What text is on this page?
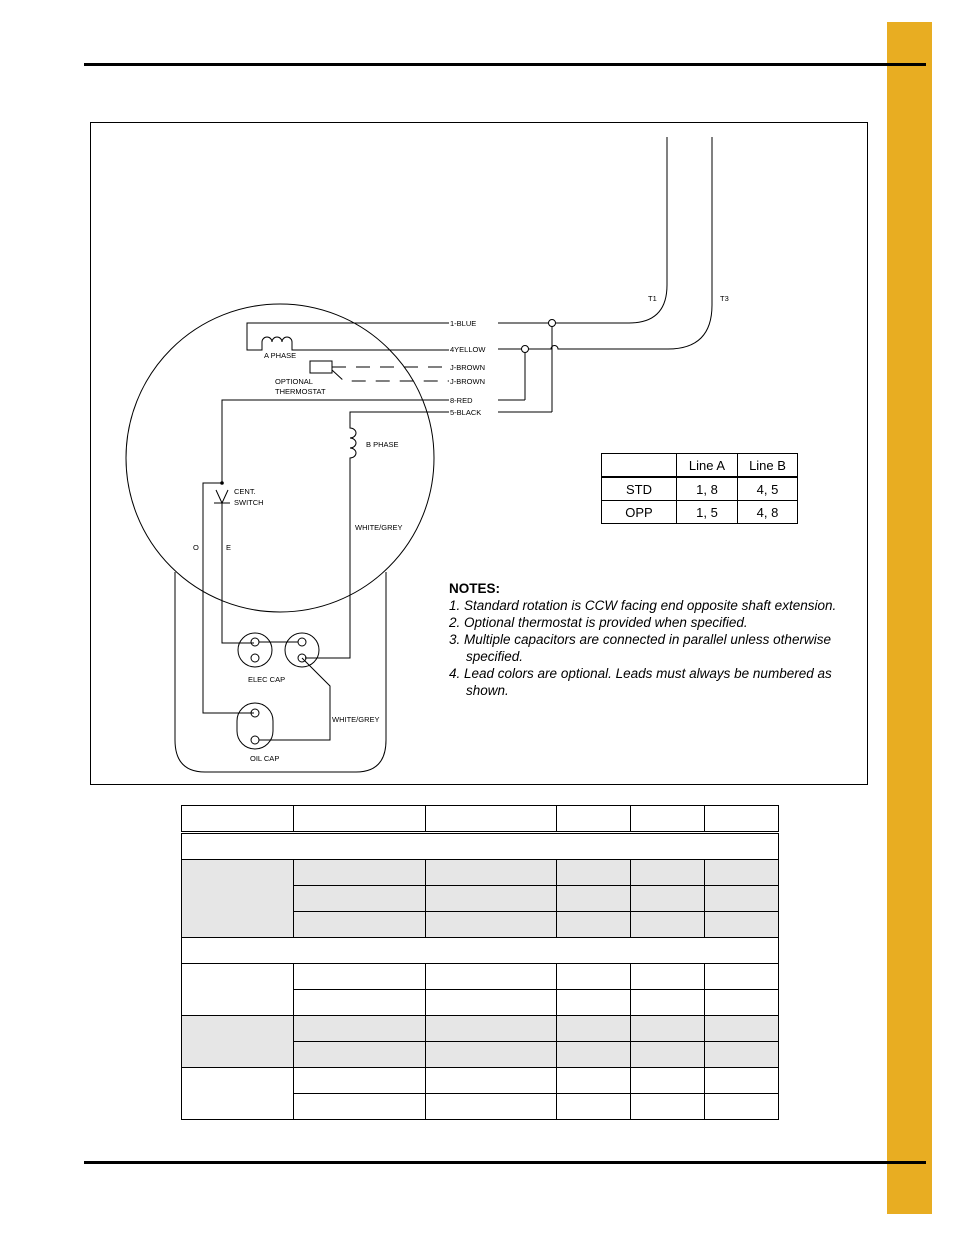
1-BLUE
4YELLOW
J-BROWN
J-BROWN
8-RED
5-BLACK
T1	T3
A PHASE
OPTIONAL
THERMOSTAT
B PHASE
CENT.
SWITCH
O	E
WHITE/GREY
WHITE/GREY
ELEC CAP
OIL CAP
	Line A	Line B
STD	1, 8	4, 5
OPP	1, 5	4, 8
NOTES:
1. Standard rotation is CCW facing end opposite shaft extension.
2. Optional thermostat is provided when specified.
3. Multiple capacitors are connected in parallel unless otherwise specified.
4. Lead colors are optional. Leads must always be numbered as shown.
